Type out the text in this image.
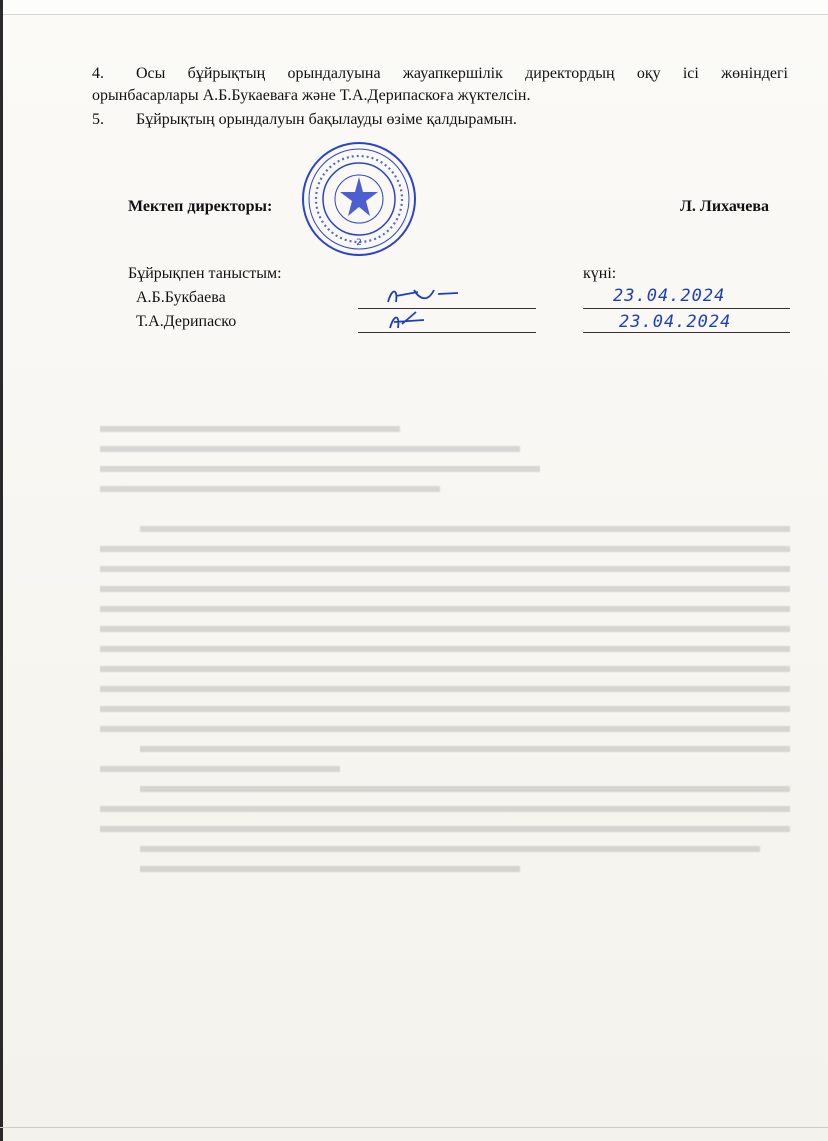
4. Осы бұйрықтың орындалуына жауапкершілік директордың оқу ісі жөніндегі
орынбасарлары А.Б.Букаеваға және Т.А.Дерипаскоға жүктелсін.
5. Бұйрықтың орындалуын бақылауды өзіме қалдырамын.
Мектеп директоры:	Л. Лихачева
2
Бұйрықпен таныстым:	күні:
А.Б.Букбаева	23.04.2024
Т.А.Дерипаско	23.04.2024
